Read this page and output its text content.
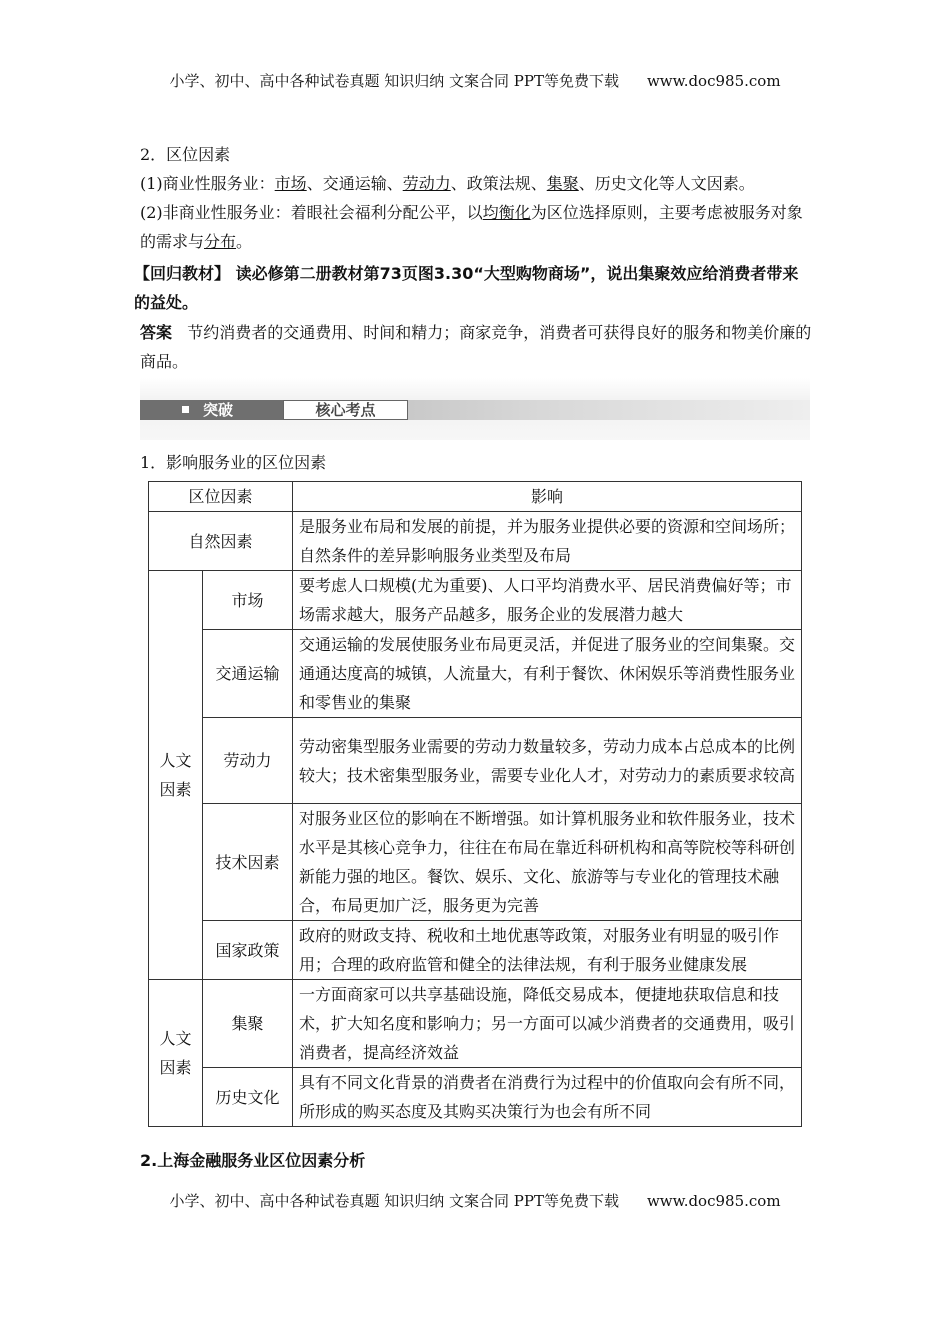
小学、初中、高中各种试卷真题 知识归纳 文案合同 PPT等免费下载 www.doc985.com
2．区位因素
(1)商业性服务业：市场、交通运输、劳动力、政策法规、集聚、历史文化等人文因素。
(2)非商业性服务业：着眼社会福利分配公平，以均衡化为区位选择原则，主要考虑被服务对象的需求与分布。
【回归教材】 读必修第二册教材第73页图3.30“大型购物商场”，说出集聚效应给消费者带来的益处。
答案 节约消费者的交通费用、时间和精力；商家竞争，消费者可获得良好的服务和物美价廉的商品。
突破	核心考点
1．影响服务业的区位因素
区位因素		影响
自然因素		是服务业布局和发展的前提，并为服务业提供必要的资源和空间场所；自然条件的差异影响服务业类型及布局
人文因素	市场	要考虑人口规模(尤为重要)、人口平均消费水平、居民消费偏好等；市场需求越大，服务产品越多，服务企业的发展潜力越大
	交通运输	交通运输的发展使服务业布局更灵活，并促进了服务业的空间集聚。交通通达度高的城镇，人流量大，有利于餐饮、休闲娱乐等消费性服务业和零售业的集聚
	劳动力	劳动密集型服务业需要的劳动力数量较多，劳动力成本占总成本的比例较大；技术密集型服务业，需要专业化人才，对劳动力的素质要求较高
	技术因素	对服务业区位的影响在不断增强。如计算机服务业和软件服务业，技术水平是其核心竞争力，往往在布局在靠近科研机构和高等院校等科研创新能力强的地区。餐饮、娱乐、文化、旅游等与专业化的管理技术融合，布局更加广泛，服务更为完善
	国家政策	政府的财政支持、税收和土地优惠等政策，对服务业有明显的吸引作用；合理的政府监管和健全的法律法规，有利于服务业健康发展
人文因素	集聚	一方面商家可以共享基础设施，降低交易成本，便捷地获取信息和技术，扩大知名度和影响力；另一方面可以减少消费者的交通费用，吸引消费者，提高经济效益
	历史文化	具有不同文化背景的消费者在消费行为过程中的价值取向会有所不同，所形成的购买态度及其购买决策行为也会有所不同
2.上海金融服务业区位因素分析
小学、初中、高中各种试卷真题 知识归纳 文案合同 PPT等免费下载 www.doc985.com
